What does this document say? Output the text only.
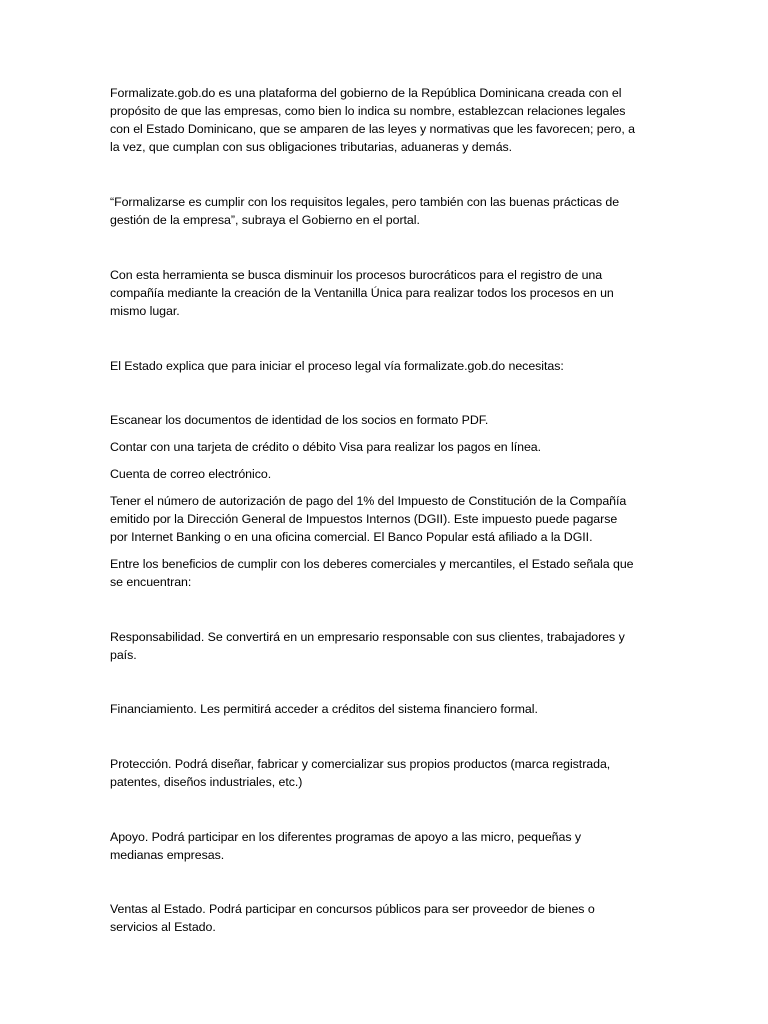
Formalizate.gob.do es una plataforma del gobierno de la República Dominicana creada con el
propósito de que las empresas, como bien lo indica su nombre, establezcan relaciones legales
con el Estado Dominicano, que se amparen de las leyes y normativas que les favorecen; pero, a
la vez, que cumplan con sus obligaciones tributarias, aduaneras y demás.

“Formalizarse es cumplir con los requisitos legales, pero también con las buenas prácticas de
gestión de la empresa”, subraya el Gobierno en el portal.

Con esta herramienta se busca disminuir los procesos burocráticos para el registro de una
compañía mediante la creación de la Ventanilla Única para realizar todos los procesos en un
mismo lugar.

El Estado explica que para iniciar el proceso legal vía formalizate.gob.do necesitas:

Escanear los documentos de identidad de los socios en formato PDF.

Contar con una tarjeta de crédito o débito Visa para realizar los pagos en línea.

Cuenta de correo electrónico.

Tener el número de autorización de pago del 1% del Impuesto de Constitución de la Compañía
emitido por la Dirección General de Impuestos Internos (DGII). Este impuesto puede pagarse
por Internet Banking o en una oficina comercial. El Banco Popular está afiliado a la DGII.

Entre los beneficios de cumplir con los deberes comerciales y mercantiles, el Estado señala que
se encuentran:

Responsabilidad. Se convertirá en un empresario responsable con sus clientes, trabajadores y
país.

Financiamiento. Les permitirá acceder a créditos del sistema financiero formal.

Protección. Podrá diseñar, fabricar y comercializar sus propios productos (marca registrada,
patentes, diseños industriales, etc.)

Apoyo. Podrá participar en los diferentes programas de apoyo a las micro, pequeñas y
medianas empresas.

Ventas al Estado. Podrá participar en concursos públicos para ser proveedor de bienes o
servicios al Estado.
